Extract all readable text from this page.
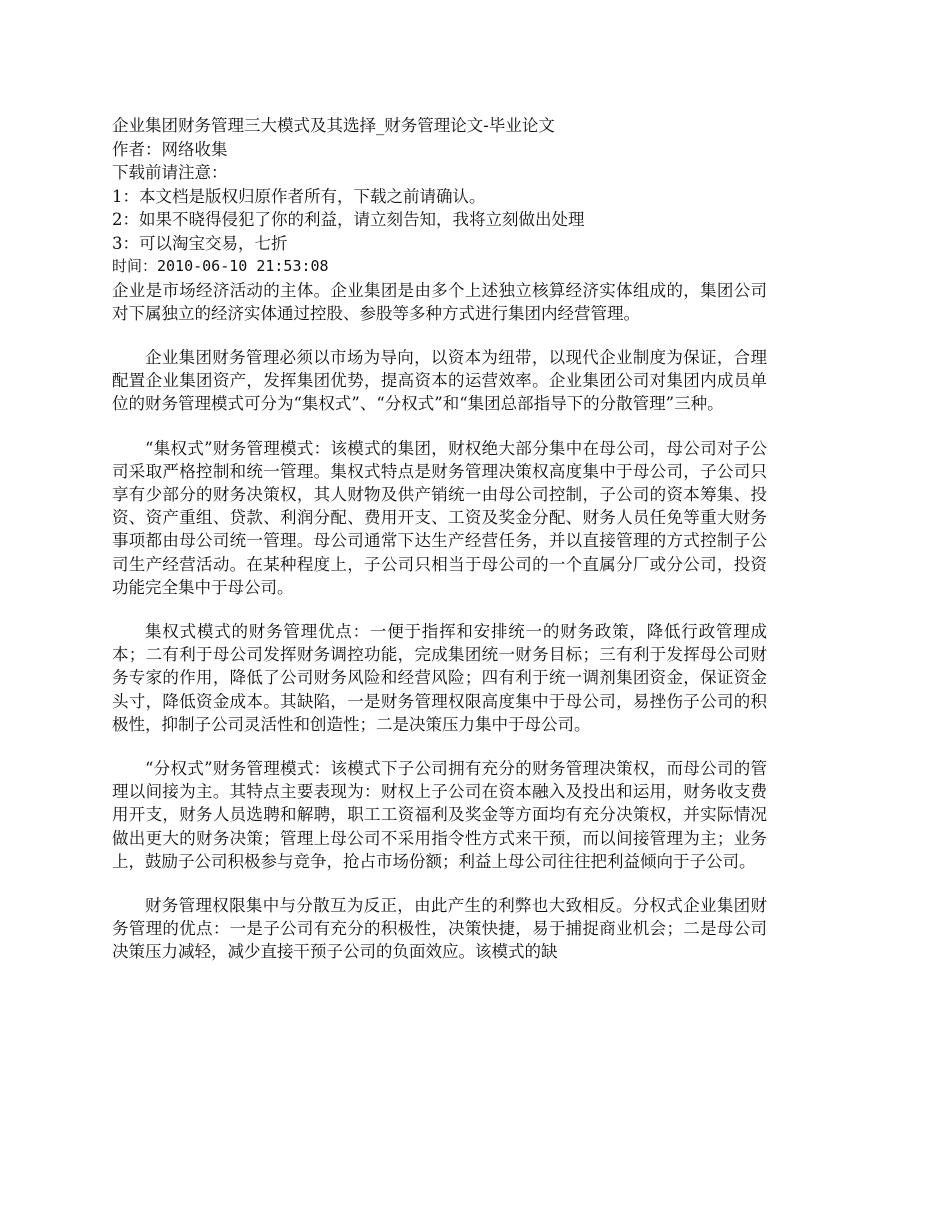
企业集团财务管理三大模式及其选择_财务管理论文-毕业论文
作者：网络收集
下载前请注意：
1：本文档是版权归原作者所有，下载之前请确认。
2：如果不晓得侵犯了你的利益，请立刻告知，我将立刻做出处理
3：可以淘宝交易，七折
时间：2010-06-10 21:53:08

企业是市场经济活动的主体。企业集团是由多个上述独立核算经济实体组成的，集团公司对下属独立的经济实体通过控股、参股等多种方式进行集团内经营管理。

企业集团财务管理必须以市场为导向，以资本为纽带，以现代企业制度为保证，合理配置企业集团资产，发挥集团优势，提高资本的运营效率。企业集团公司对集团内成员单位的财务管理模式可分为“集权式”、“分权式”和“集团总部指导下的分散管理”三种。

“集权式”财务管理模式：该模式的集团，财权绝大部分集中在母公司，母公司对子公司采取严格控制和统一管理。集权式特点是财务管理决策权高度集中于母公司，子公司只享有少部分的财务决策权，其人财物及供产销统一由母公司控制，子公司的资本筹集、投资、资产重组、贷款、利润分配、费用开支、工资及奖金分配、财务人员任免等重大财务事项都由母公司统一管理。母公司通常下达生产经营任务，并以直接管理的方式控制子公司生产经营活动。在某种程度上，子公司只相当于母公司的一个直属分厂或分公司，投资功能完全集中于母公司。

集权式模式的财务管理优点：一便于指挥和安排统一的财务政策，降低行政管理成本；二有利于母公司发挥财务调控功能，完成集团统一财务目标；三有利于发挥母公司财务专家的作用，降低了公司财务风险和经营风险；四有利于统一调剂集团资金，保证资金头寸，降低资金成本。其缺陷，一是财务管理权限高度集中于母公司，易挫伤子公司的积极性，抑制子公司灵活性和创造性；二是决策压力集中于母公司。

“分权式”财务管理模式：该模式下子公司拥有充分的财务管理决策权，而母公司的管理以间接为主。其特点主要表现为：财权上子公司在资本融入及投出和运用，财务收支费用开支，财务人员选聘和解聘，职工工资福利及奖金等方面均有充分决策权，并实际情况做出更大的财务决策；管理上母公司不采用指令性方式来干预，而以间接管理为主；业务上，鼓励子公司积极参与竞争，抢占市场份额；利益上母公司往往把利益倾向于子公司。

财务管理权限集中与分散互为反正，由此产生的利弊也大致相反。分权式企业集团财务管理的优点：一是子公司有充分的积极性，决策快捷，易于捕捉商业机会；二是母公司决策压力减轻，减少直接干预子公司的负面效应。该模式的缺
